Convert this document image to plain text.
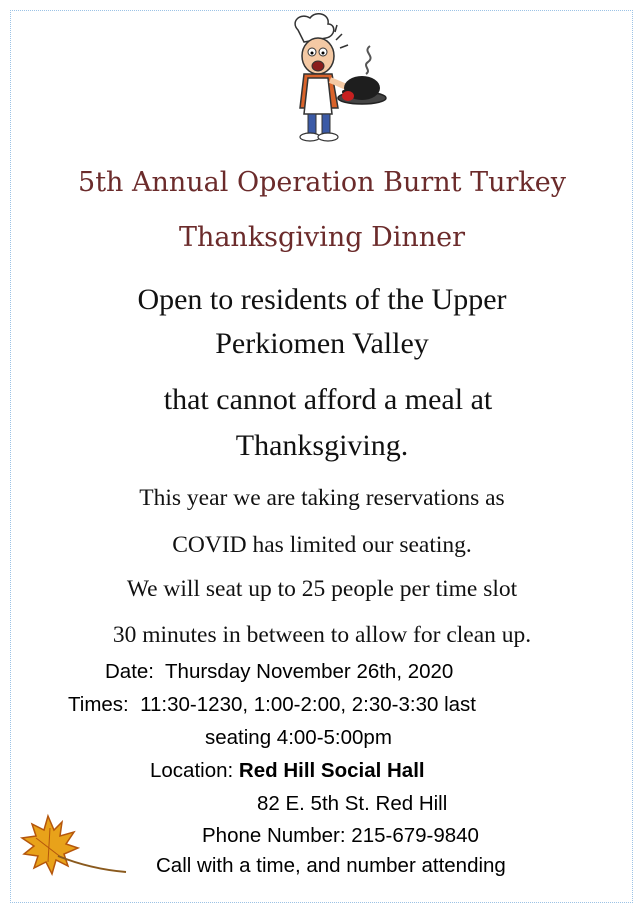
5th Annual Operation Burnt Turkey
Thanksgiving Dinner
Open to residents of the Upper
Perkiomen Valley
that cannot afford a meal at
Thanksgiving.
This year we are taking reservations as
COVID has limited our seating.
We will seat up to 25 people per time slot
30 minutes in between to allow for clean up.
Date: Thursday November 26th, 2020
Times: 11:30-1230, 1:00-2:00, 2:30-3:30 last
seating 4:00-5:00pm
Location: Red Hill Social Hall
82 E. 5th St. Red Hill
Phone Number: 215-679-9840
Call with a time, and number attending
